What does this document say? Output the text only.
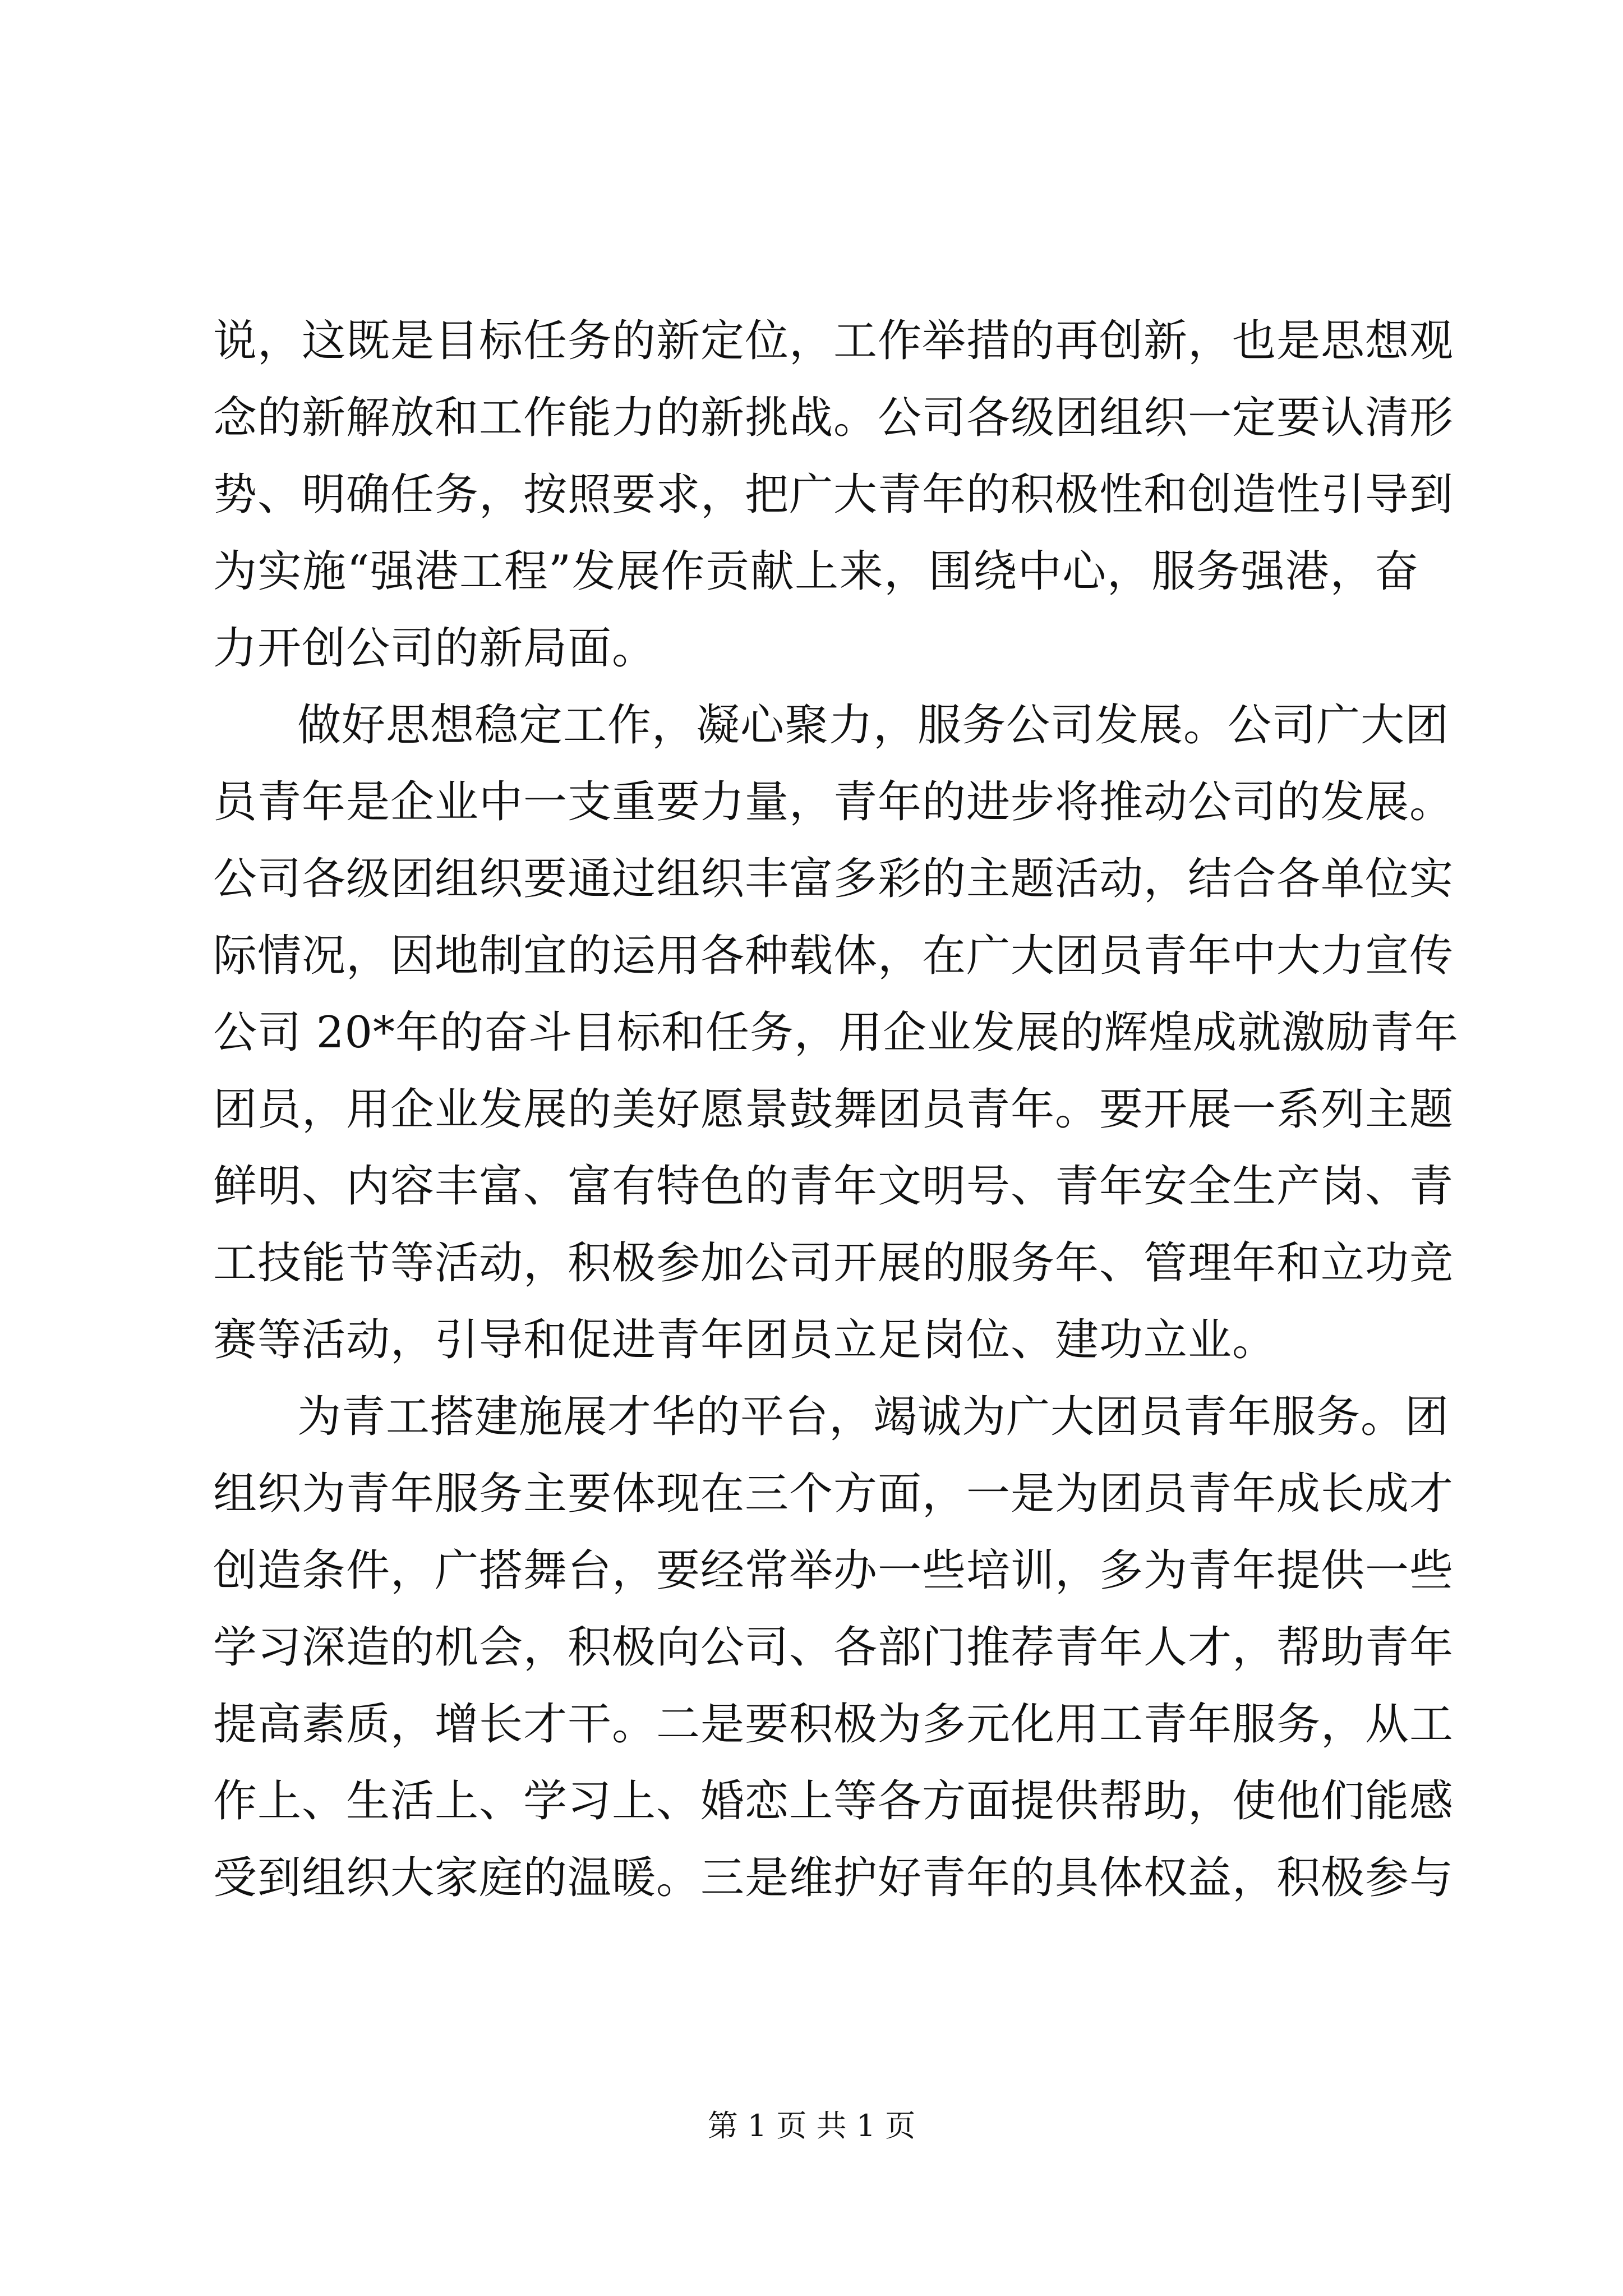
说，这既是目标任务的新定位，工作举措的再创新，也是思想观
念的新解放和工作能力的新挑战。公司各级团组织一定要认清形
势、明确任务，按照要求，把广大青年的积极性和创造性引导到
为实施“强港工程”发展作贡献上来，围绕中心，服务强港，奋
力开创公司的新局面。
做好思想稳定工作，凝心聚力，服务公司发展。公司广大团
员青年是企业中一支重要力量，青年的进步将推动公司的发展。
公司各级团组织要通过组织丰富多彩的主题活动，结合各单位实
际情况，因地制宜的运用各种载体，在广大团员青年中大力宣传
公司 20*年的奋斗目标和任务，用企业发展的辉煌成就激励青年
团员，用企业发展的美好愿景鼓舞团员青年。要开展一系列主题
鲜明、内容丰富、富有特色的青年文明号、青年安全生产岗、青
工技能节等活动，积极参加公司开展的服务年、管理年和立功竞
赛等活动，引导和促进青年团员立足岗位、建功立业。
为青工搭建施展才华的平台，竭诚为广大团员青年服务。团
组织为青年服务主要体现在三个方面，一是为团员青年成长成才
创造条件，广搭舞台，要经常举办一些培训，多为青年提供一些
学习深造的机会，积极向公司、各部门推荐青年人才，帮助青年
提高素质，增长才干。二是要积极为多元化用工青年服务，从工
作上、生活上、学习上、婚恋上等各方面提供帮助，使他们能感
受到组织大家庭的温暖。三是维护好青年的具体权益，积极参与
第 1 页 共 1 页
